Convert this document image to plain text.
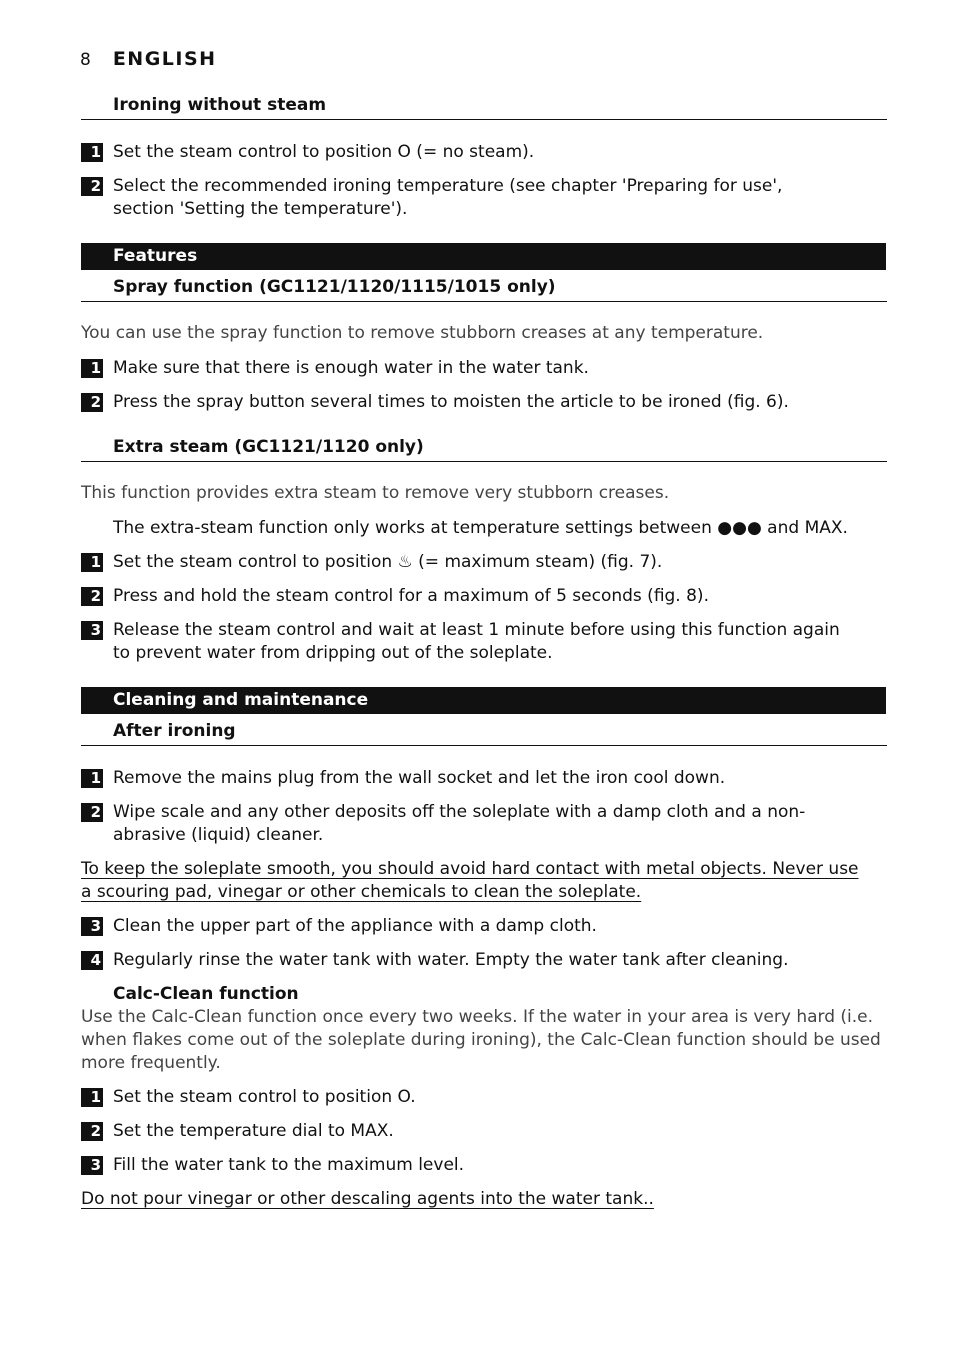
8 ENGLISH
Ironing without steam
1 Set the steam control to position O (= no steam).
2 Select the recommended ironing temperature (see chapter 'Preparing for use', section 'Setting the temperature').
Features
Spray function (GC1121/1120/1115/1015 only)
You can use the spray function to remove stubborn creases at any temperature.
1 Make sure that there is enough water in the water tank.
2 Press the spray button several times to moisten the article to be ironed (fig. 6).
Extra steam (GC1121/1120 only)
This function provides extra steam to remove very stubborn creases.
The extra-steam function only works at temperature settings between ●●● and MAX.
1 Set the steam control to position ♨ (= maximum steam) (fig. 7).
2 Press and hold the steam control for a maximum of 5 seconds (fig. 8).
3 Release the steam control and wait at least 1 minute before using this function again to prevent water from dripping out of the soleplate.
Cleaning and maintenance
After ironing
1 Remove the mains plug from the wall socket and let the iron cool down.
2 Wipe scale and any other deposits off the soleplate with a damp cloth and a non-abrasive (liquid) cleaner.
To keep the soleplate smooth, you should avoid hard contact with metal objects. Never use a scouring pad, vinegar or other chemicals to clean the soleplate.
3 Clean the upper part of the appliance with a damp cloth.
4 Regularly rinse the water tank with water. Empty the water tank after cleaning.
Calc-Clean function
Use the Calc-Clean function once every two weeks. If the water in your area is very hard (i.e. when flakes come out of the soleplate during ironing), the Calc-Clean function should be used more frequently.
1 Set the steam control to position O.
2 Set the temperature dial to MAX.
3 Fill the water tank to the maximum level.
Do not pour vinegar or other descaling agents into the water tank..
